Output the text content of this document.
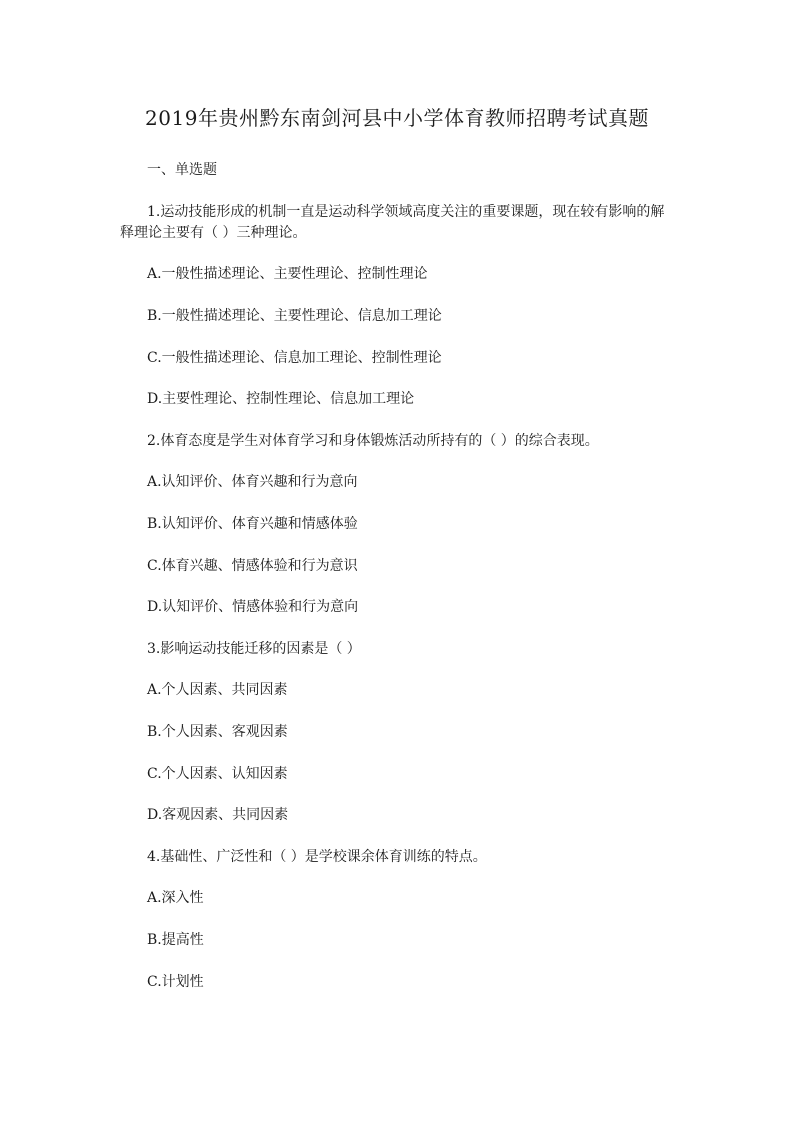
2019年贵州黔东南剑河县中小学体育教师招聘考试真题
一、单选题
1.运动技能形成的机制一直是运动科学领域高度关注的重要课题，现在较有影响的解
释理论主要有（ ）三种理论。
A.一般性描述理论、主要性理论、控制性理论
B.一般性描述理论、主要性理论、信息加工理论
C.一般性描述理论、信息加工理论、控制性理论
D.主要性理论、控制性理论、信息加工理论
2.体育态度是学生对体育学习和身体锻炼活动所持有的（ ）的综合表现。
A.认知评价、体育兴趣和行为意向
B.认知评价、体育兴趣和情感体验
C.体育兴趣、情感体验和行为意识
D.认知评价、情感体验和行为意向
3.影响运动技能迁移的因素是（ ）
A.个人因素、共同因素
B.个人因素、客观因素
C.个人因素、认知因素
D.客观因素、共同因素
4.基础性、广泛性和（ ）是学校课余体育训练的特点。
A.深入性
B.提高性
C.计划性
